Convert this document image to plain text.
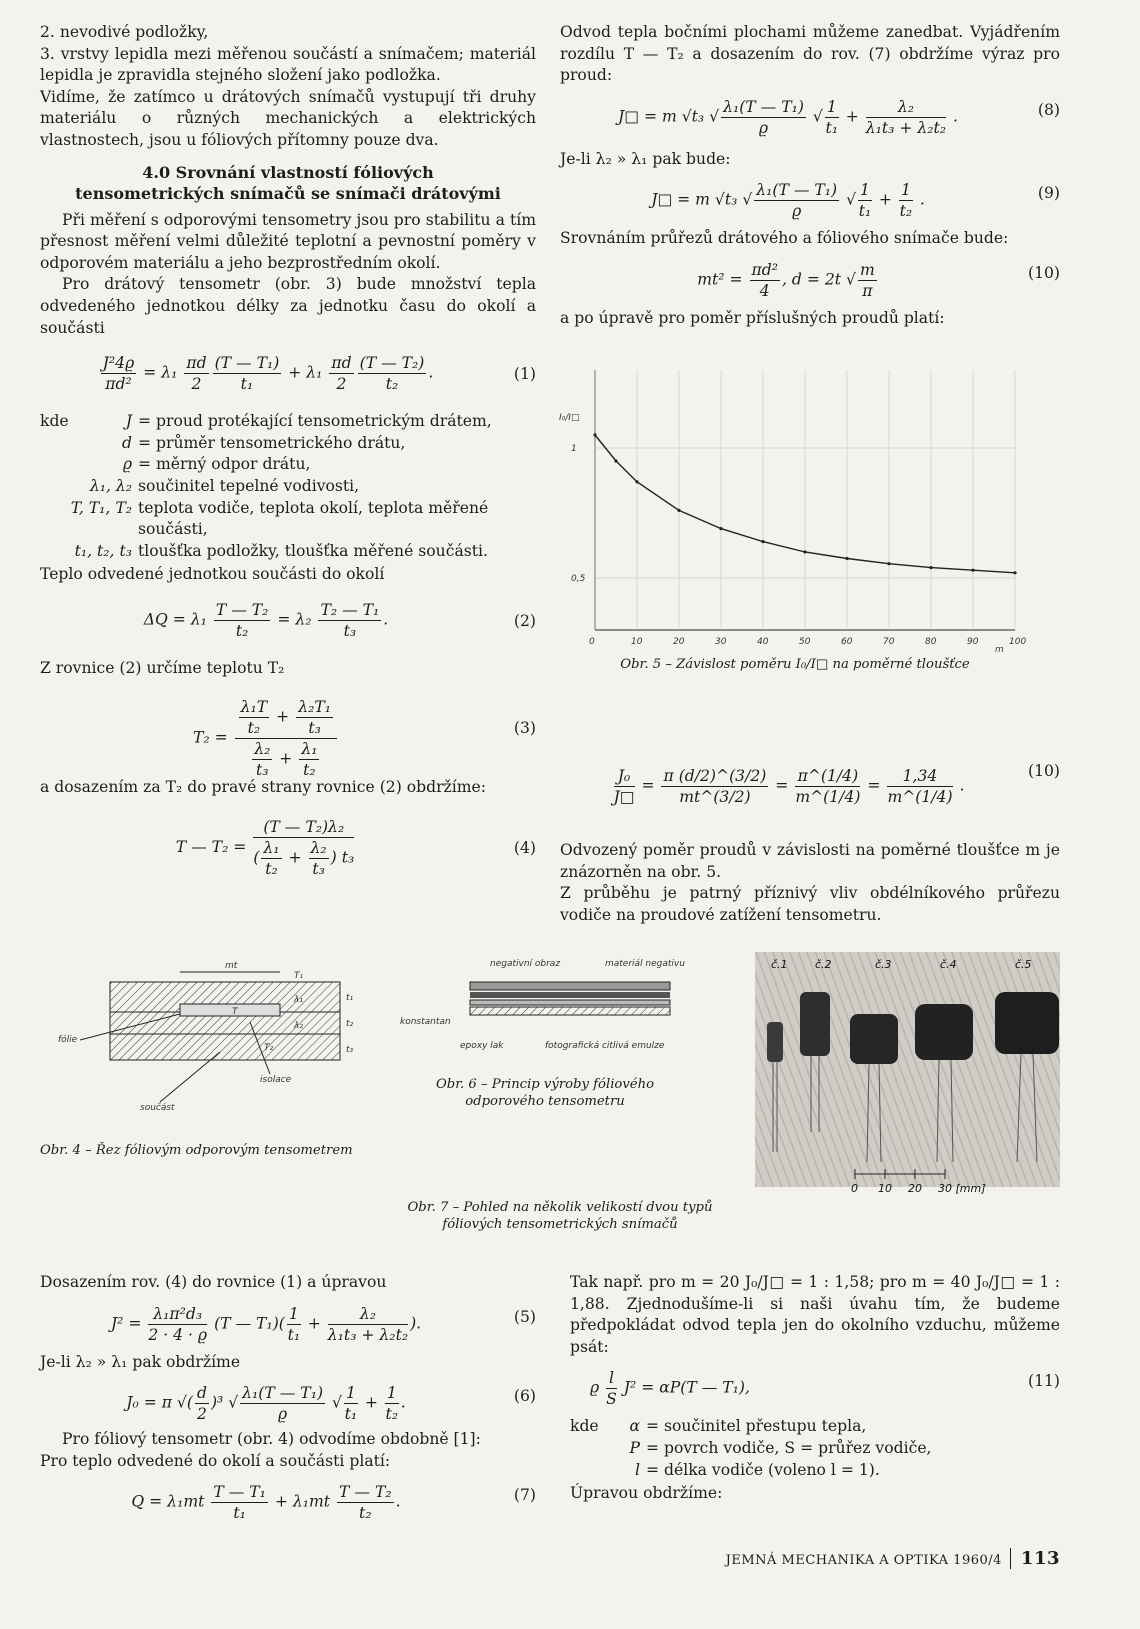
2. nevodivé podložky,

3. vrstvy lepidla mezi měřenou součástí a snímačem; materiál lepidla je zpravidla stejného složení jako podložka.

Vidíme, že zatímco u drátových snímačů vystupují tři druhy materiálu o různých mechanických a elektrických vlastnostech, jsou u fóliových přítomny pouze dva.

4.0 Srovnání vlastností fóliových
tensometrických snímačů se snímači drátovými

Při měření s odporovými tensometry jsou pro stabilitu a tím přesnost měření velmi důležité teplotní a pevnostní poměry v odporovém materiálu a jeho bezprostředním okolí.

Pro drátový tensometr (obr. 3) bude množství tepla odvedeného jednotkou délky za jednotku času do okolí a součásti

$\frac{\text{J²4ϱ}}{\text{πd²}} = \lambda_1 \frac{\pi d}{2} \frac{\text{(T — T₁)}}{\text{t₁}} + \lambda_1 \frac{\pi d}{2} \frac{\text{(T — T₂)}}{\text{t₂}}$ .	(1)
kde	J = proud protékající tensometrickým drátem,
d = průměr tensometrického drátu,
ϱ = měrný odpor drátu,
λ₁, λ₂ součinitel tepelné vodivosti,
T, T₁, T₂ teplota vodiče, teplota okolí, teplota měřené součásti,
t₁, t₂, t₃ tloušťka podložky, tloušťka měřené součásti.

Teplo odvedené jednotkou součásti do okolí

$\Delta Q = \lambda_1 \frac{\text{T — T₂}}{\text{t₂}} = \lambda_2 \frac{\text{T₂ — T₁}}{\text{t₃}}$ .	(2)

Z rovnice (2) určíme teplotu T₂

$T_2 = \frac{\frac{\text{λ₁T}}{\text{t₂}} + \frac{\text{λ₂T₁}}{\text{t₃}}}{\frac{\text{λ₂}}{\text{t₃}} + \frac{\text{λ₁}}{\text{t₂}}}$	(3)

a dosazením za T₂ do pravé strany rovnice (2) obdržíme:

T — $T_2 = \frac{\text{(T — T₂)λ₂}}{( \frac{\text{λ₁}}{\text{t₂}} + \frac{\text{λ₂}}{\text{t₃}} ) t_3}$	(4)
mt
T₁
T
λ₁
λ₂
fólie
T₂
t₁
t₂
t₃
isolace
součást
Obr. 4 – Řez fóliovým odporovým tensometrem
negativní obraz	materiál negativu
konstantan
epoxy lak	fotografická citlivá emulze
Obr. 6 – Princip výroby fóliového odporového tensometru

Dosazením rov. (4) do rovnice (1) a úpravou

$J^2 = \frac{\text{λ₁π²d₃}}{2 \cdot 4 \cdot ϱ} (T$ — $T_1)( \frac{1}{\text{t₁}} + \frac{\text{λ₂}}{\text{λ₁t₃ + λ₂t₂}}$ ).	(5)

Je-li λ₂ » λ₁ pak obdržíme

J₀ = π √( $\frac{d}{2} )^3$ √ $\frac{\text{λ₁(T — T₁)}}{ϱ}$ √ $\frac{1}{\text{t₁}} + \frac{1}{\text{t₂}}$ .	(6)

Pro fóliový tensometr (obr. 4) odvodíme obdobně [1]:

Pro teplo odvedené do okolí a součásti platí:

$Q = \lambda_1mt \frac{\text{T — T₁}}{\text{t₁}} + \lambda_1mt \frac{\text{T — T₂}}{\text{t₂}}$ .	(7)

Odvod tepla bočními plochami můžeme zanedbat. Vyjádřením rozdílu T — T₂ a dosazením do rov. (7) obdržíme výraz pro proud:

J□ = m √t₃ √ $\frac{\text{λ₁(T — T₁)}}{ϱ}$ √ $\frac{1}{\text{t₁}} + \frac{\text{λ₂}}{\text{λ₁t₃ + λ₂t₂}}$ .	(8)

Je-li λ₂ » λ₁ pak bude:

J□ = m √t₃ √ $\frac{\text{λ₁(T — T₁)}}{ϱ}$ √ $\frac{1}{\text{t₁}} + \frac{1}{\text{t₂}}$ .	(9)

Srovnáním průřezů drátového a fóliového snímače bude:

$mt^2 = \frac{\text{πd²}}{4}$ , d = 2t √ $\frac{m}{\pi}$	(10)

a po úpravě pro poměr příslušných proudů platí:

0	10	20	30	40	50	60	70	80	90	100
1
0,5
m
I₀/I□
Obr. 5 – Závislost poměru I₀/I□ na poměrné tloušťce
$\frac{\text{J₀}}{J□} = \frac{\pi (d/2)\^{}(3/2)}{mt\^{}(3/2)} = \frac{\pi\^{}(1/4)}{m\^{}(1/4)} = \frac{1,34}{m\^{}(1/4)}$ .
(10)

Odvozený poměr proudů v závislosti na poměrné tloušťce m je znázorněn na obr. 5.

Z průběhu je patrný příznivý vliv obdélníkového průřezu vodiče na proudové zatížení tensometru.

č.1 č.2	č.3	č.4	č.5
0 10 20 30 [mm]
Obr. 7 – Pohled na několik velikostí dvou typů fóliových tensometrických snímačů

Tak např. pro m = 20 J₀/J□ = 1 : 1,58; pro m = 40 J₀/J□ = 1 : 1,88. Zjednodušíme-li si naši úvahu tím, že budeme předpokládat odvod tepla jen do okolního vzduchu, můžeme psát:

ϱ $\frac{l}{S} J^2 = \alpha P(T$ — T₁),	(11)
kde	α = součinitel přestupu tepla,
P = povrch vodiče, S = průřez vodiče,
l = délka vodiče (voleno l = 1).

Úpravou obdržíme:

JEMNÁ MECHANIKA A OPTIKA 1960/4 113
